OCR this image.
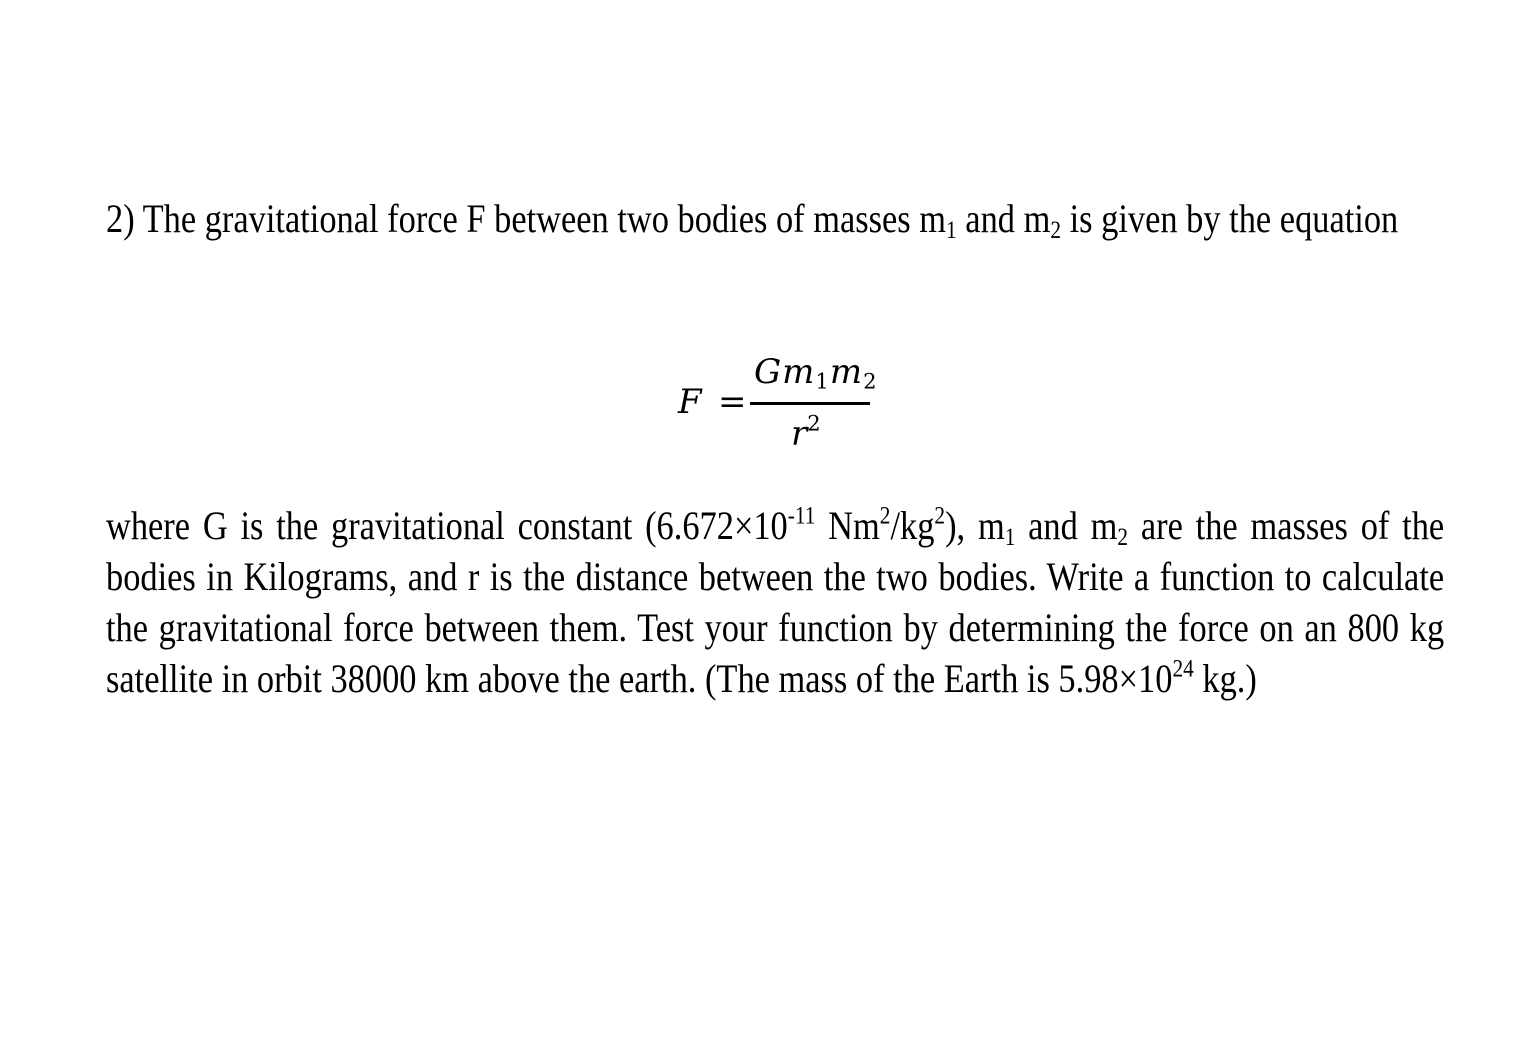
2) The gravitational force F between two bodies of masses $m_1$ and $m_2$ is given by the equation

F =
$Gm_1m_2$
$r^2$

where G is the gravitational constant ($6.672\times 10^{-11}$ $Nm^2/kg^2$), $m_1$ and $m_2$ are the masses of the bodies in Kilograms, and r is the distance between the two bodies. Write a function to calculate the gravitational force between them. Test your function by determining the force on an 800 kg satellite in orbit 38000 km above the earth. (The mass of the Earth is $5.98\times 10^{24}$ kg.)
